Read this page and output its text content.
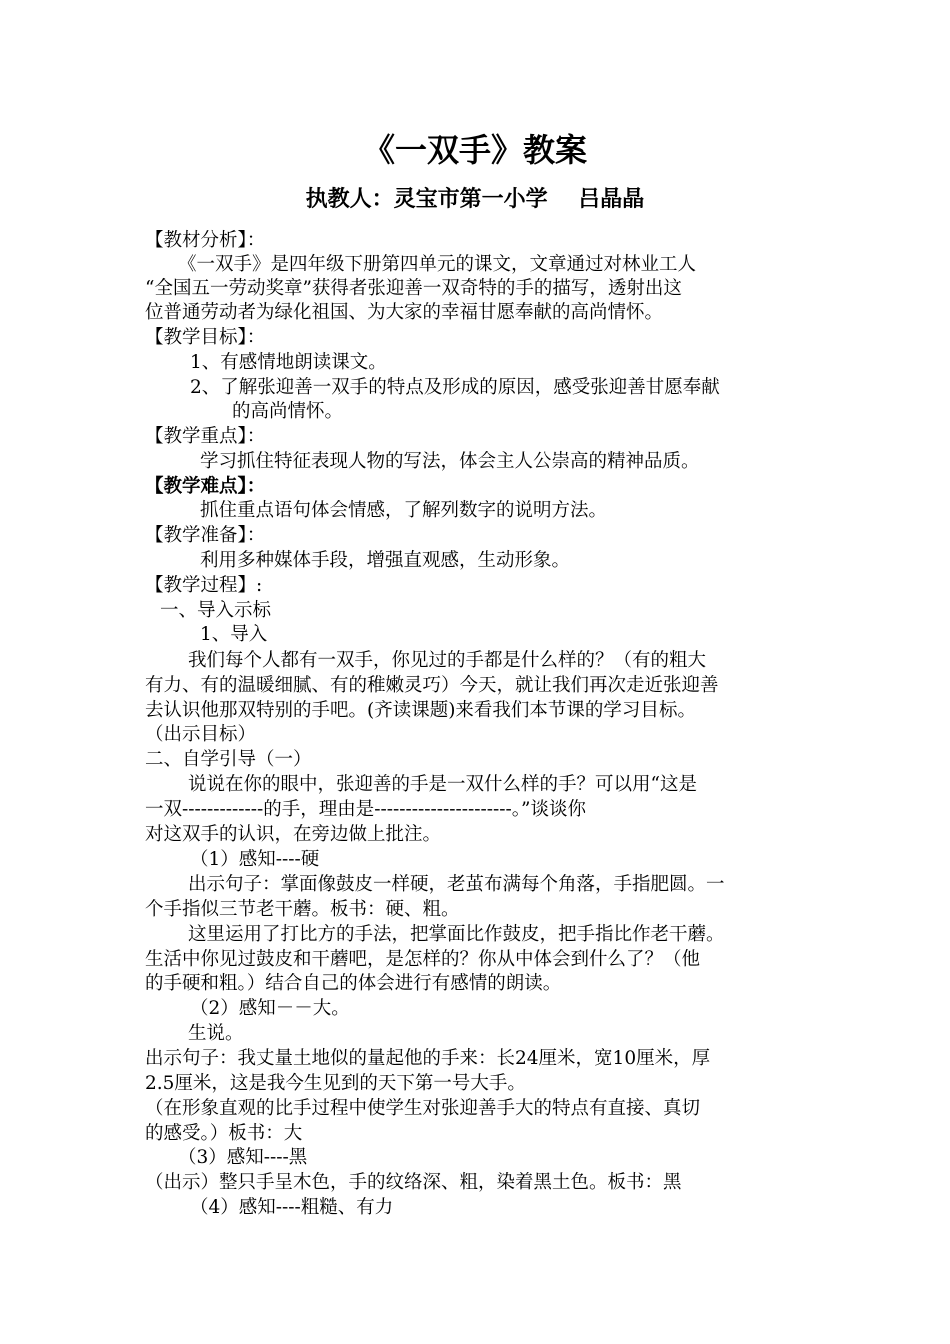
《一双手》教案
执教人：灵宝市第一小学    吕晶晶
【教材分析】：
《一双手》是四年级下册第四单元的课文，文章通过对林业工人
“全国五一劳动奖章”获得者张迎善一双奇特的手的描写，透射出这
位普通劳动者为绿化祖国、为大家的幸福甘愿奉献的高尚情怀。
【教学目标】：
1、有感情地朗读课文。
2、了解张迎善一双手的特点及形成的原因，感受张迎善甘愿奉献
的高尚情怀。
【教学重点】：
学习抓住特征表现人物的写法，体会主人公崇高的精神品质。
【教学难点】：
抓住重点语句体会情感，了解列数字的说明方法。
【教学准备】：
利用多种媒体手段，增强直观感，生动形象。
【教学过程】:
一、导入示标
1、导入
我们每个人都有一双手，你见过的手都是什么样的？（有的粗大
有力、有的温暖细腻、有的稚嫩灵巧）今天，就让我们再次走近张迎善
去认识他那双特别的手吧。(齐读课题)来看我们本节课的学习目标。
（出示目标）
二、自学引导（一）
说说在你的眼中，张迎善的手是一双什么样的手？可以用“这是
一双-------------的手，理由是----------------------。”谈谈你
对这双手的认识，在旁边做上批注。
（1）感知----硬
出示句子：掌面像鼓皮一样硬，老茧布满每个角落，手指肥圆。一
个手指似三节老干蘑。板书：硬、粗。
这里运用了打比方的手法，把掌面比作鼓皮，把手指比作老干蘑。
生活中你见过鼓皮和干蘑吧，是怎样的？你从中体会到什么了？（他
的手硬和粗。）结合自己的体会进行有感情的朗读。
（2）感知－－大。
生说。
出示句子：我丈量土地似的量起他的手来：长24厘米，宽10厘米，厚
2.5厘米，这是我今生见到的天下第一号大手。
（在形象直观的比手过程中使学生对张迎善手大的特点有直接、真切
的感受。）板书：大
（3）感知----黑
（出示）整只手呈木色，手的纹络深、粗，染着黑土色。板书：黑
（4）感知----粗糙、有力
